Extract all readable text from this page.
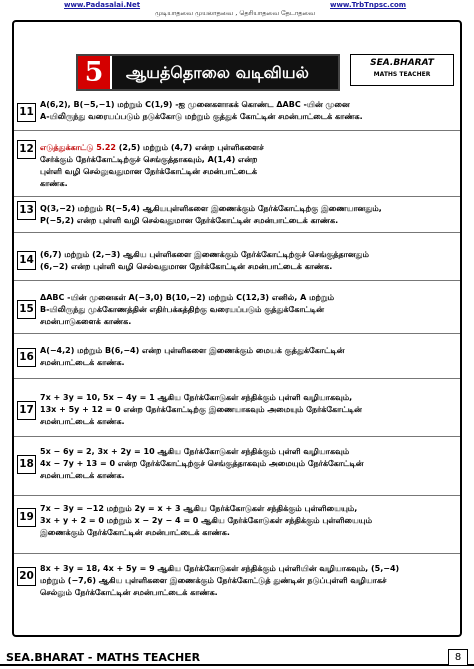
www.Padasalai.Net	www.TrbTnpsc.com
முடியாதவை முயலாதவை , தெரியாதவை தேடாதவை
5 ஆயத்தொலை வடிவியல்	SEA.BHARAT
MATHS TEACHER
11
A(6,2), B(−5,−1) மற்றும் C(1,9) -ஐ முனைகளாகக் கொண்ட ΔABC -யின் முனை
A-யிலிருந்து வரையப்படும் நடுக்கோடு மற்றும் குத்துக் கோட்டின் சமன்பாட்டைக் காண்க.
12 எடுத்துக்காட்டு 5.22 (2,5) மற்றும் (4,7) என்ற புள்ளிகளைச்
சேர்க்கும் நேர்க்கோட்டிற்குச் செங்குத்தாகவும், A(1,4) என்ற
புள்ளி வழி செல்லுவதுமான நேர்க்கோட்டின் சமன்பாட்டைக்
காண்க.
13 Q(3,−2) மற்றும் R(−5,4) ஆகியபுள்ளிகளை இணைக்கும் நேர்க்கோட்டிற்கு இணையானதும்,
P(−5,2) என்ற புள்ளி வழி செல்வதுமான நேர்க்கோட்டின் சமன்பாட்டைக் காண்க.
14 (6,7) மற்றும் (2,−3) ஆகிய புள்ளிகளை இணைக்கும் நேர்க்கோட்டிற்குச் செங்குத்தானதும்
(6,−2) என்ற புள்ளி வழி செல்வதுமான நேர்க்கோட்டின் சமன்பாட்டைக் காண்க.
15
ΔABC -யின் முனைகள் A(−3,0) B(10,−2) மற்றும் C(12,3) எனில், A மற்றும்
B-யிலிருந்து முக்கோணத்தின் எதிர்பக்கத்திற்கு வரையப்படும் குத்துக்கோட்டின்
சமன்பாடுகளைக் காண்க.
16
A(−4,2) மற்றும் B(6,−4) என்ற புள்ளிகளை இணைக்கும் மையக் குத்துக்கோட்டின்
சமன்பாட்டைக் காண்க.
17
7x + 3y = 10, 5x − 4y = 1 ஆகிய நேர்க்கோடுகள் சந்திக்கும் புள்ளி வழியாகவும்,
13x + 5y + 12 = 0 என்ற நேர்க்கோட்டிற்கு இணையாகவும் அமையும் நேர்க்கோட்டின்
சமன்பாட்டைக் காண்க.
18
5x − 6y = 2, 3x + 2y = 10 ஆகிய நேர்க்கோடுகள் சந்திக்கும் புள்ளி வழியாகவும்
4x − 7y + 13 = 0 என்ற நேர்க்கோட்டிற்குச் செங்குத்தாகவும் அமையும் நேர்க்கோட்டின்
சமன்பாட்டைக் காண்க.
19
7x − 3y = −12 மற்றும் 2y = x + 3 ஆகிய நேர்க்கோடுகள் சந்திக்கும் புள்ளியையும்,
3x + y + 2 = 0 மற்றும் x − 2y − 4 = 0 ஆகிய நேர்க்கோடுகள் சந்திக்கும் புள்ளியையும்
இணைக்கும் நேர்க்கோட்டின் சமன்பாட்டைக் காண்க.
20
8x + 3y = 18, 4x + 5y = 9 ஆகிய நேர்க்கோடுகள் சந்திக்கும் புள்ளியின் வழியாகவும், (5,−4)
மற்றும் (−7,6) ஆகிய புள்ளிகளை இணைக்கும் நேர்க்கோட்டுத் துண்டின் நடுப்புள்ளி வழியாகச்
செல்லும் நேர்க்கோட்டின் சமன்பாட்டைக் காண்க.
SEA.BHARAT - MATHS TEACHER	8
